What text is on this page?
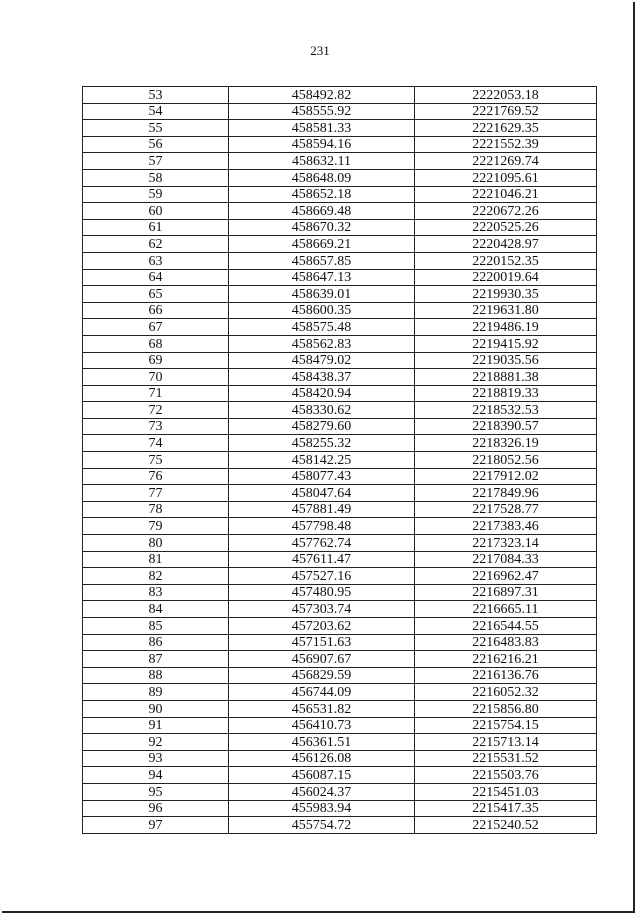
231
53	458492.82	2222053.18
54	458555.92	2221769.52
55	458581.33	2221629.35
56	458594.16	2221552.39
57	458632.11	2221269.74
58	458648.09	2221095.61
59	458652.18	2221046.21
60	458669.48	2220672.26
61	458670.32	2220525.26
62	458669.21	2220428.97
63	458657.85	2220152.35
64	458647.13	2220019.64
65	458639.01	2219930.35
66	458600.35	2219631.80
67	458575.48	2219486.19
68	458562.83	2219415.92
69	458479.02	2219035.56
70	458438.37	2218881.38
71	458420.94	2218819.33
72	458330.62	2218532.53
73	458279.60	2218390.57
74	458255.32	2218326.19
75	458142.25	2218052.56
76	458077.43	2217912.02
77	458047.64	2217849.96
78	457881.49	2217528.77
79	457798.48	2217383.46
80	457762.74	2217323.14
81	457611.47	2217084.33
82	457527.16	2216962.47
83	457480.95	2216897.31
84	457303.74	2216665.11
85	457203.62	2216544.55
86	457151.63	2216483.83
87	456907.67	2216216.21
88	456829.59	2216136.76
89	456744.09	2216052.32
90	456531.82	2215856.80
91	456410.73	2215754.15
92	456361.51	2215713.14
93	456126.08	2215531.52
94	456087.15	2215503.76
95	456024.37	2215451.03
96	455983.94	2215417.35
97	455754.72	2215240.52
